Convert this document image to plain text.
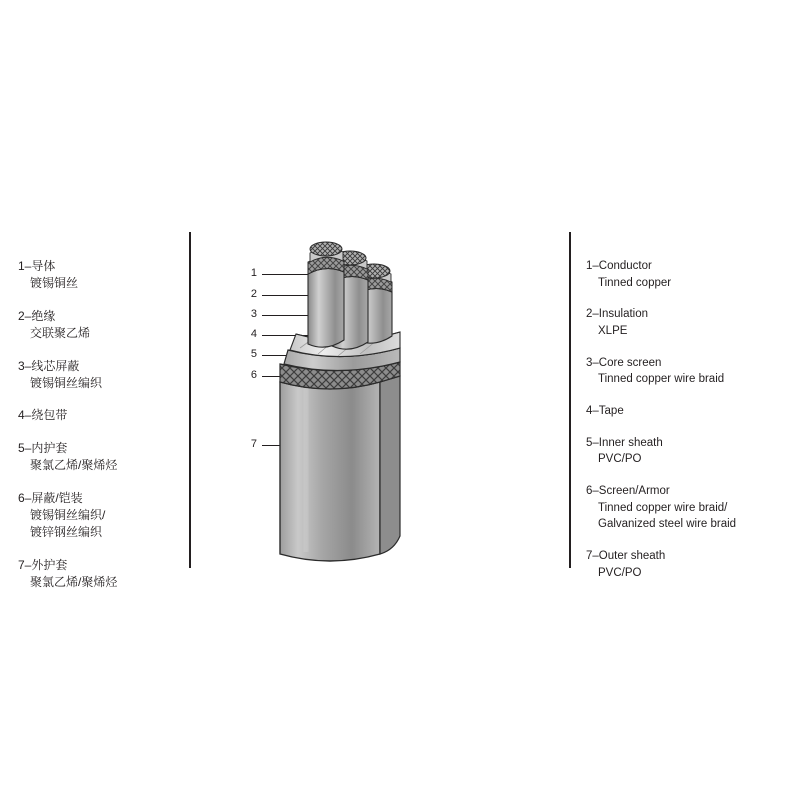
1–导体
镀锡铜丝
2–绝缘
交联聚乙烯
3–线芯屏蔽
镀锡铜丝编织
4–绕包带
5–内护套
聚氯乙烯/聚烯烃
6–屏蔽/铠装
镀锡铜丝编织/
镀锌钢丝编织
7–外护套
聚氯乙烯/聚烯烃
1–Conductor
Tinned copper
2–Insulation
XLPE
3–Core screen
Tinned copper wire braid
4–Tape
5–Inner sheath
PVC/PO
6–Screen/Armor
Tinned copper wire braid/
Galvanized steel wire braid
7–Outer sheath
PVC/PO
1
2
3
4
5
6
7
